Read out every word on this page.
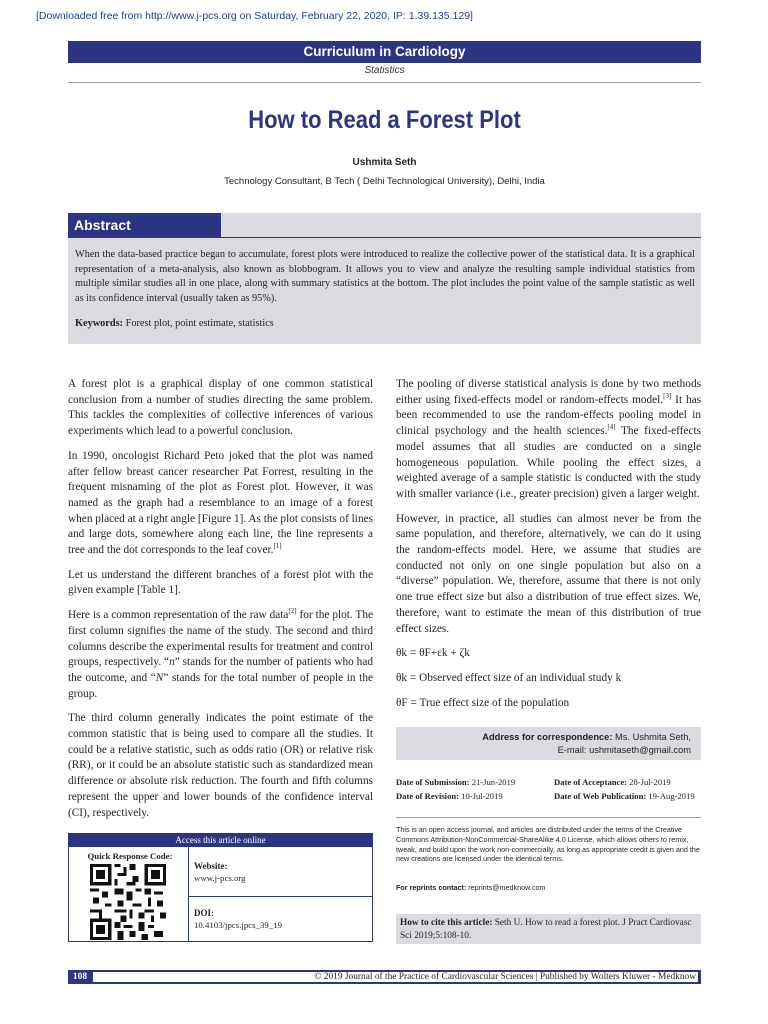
[Downloaded free from http://www.j-pcs.org on Saturday, February 22, 2020, IP: 1.39.135.129]
Curriculum in Cardiology
Statistics
How to Read a Forest Plot
Ushmita Seth
Technology Consultant, B Tech ( Delhi Technological University), Delhi, India
Abstract
When the data-based practice began to accumulate, forest plots were introduced to realize the collective power of the statistical data. It is a graphical representation of a meta-analysis, also known as blobbogram. It allows you to view and analyze the resulting sample individual statistics from multiple similar studies all in one place, along with summary statistics at the bottom. The plot includes the point value of the sample statistic as well as its confidence interval (usually taken as 95%).
Keywords: Forest plot, point estimate, statistics

A forest plot is a graphical display of one common statistical conclusion from a number of studies directing the same problem. This tackles the complexities of collective inferences of various experiments which lead to a powerful conclusion.

In 1990, oncologist Richard Peto joked that the plot was named after fellow breast cancer researcher Pat Forrest, resulting in the frequent misnaming of the plot as Forest plot. However, it was named as the graph had a resemblance to an image of a forest when placed at a right angle [Figure 1]. As the plot consists of lines and large dots, somewhere along each line, the line represents a tree and the dot corresponds to the leaf cover.[1]

Let us understand the different branches of a forest plot with the given example [Table 1].

Here is a common representation of the raw data[2] for the plot. The first column signifies the name of the study. The second and third columns describe the experimental results for treatment and control groups, respectively. “n” stands for the number of patients who had the outcome, and “N” stands for the total number of people in the group.

The third column generally indicates the point estimate of the common statistic that is being used to compare all the studies. It could be a relative statistic, such as odds ratio (OR) or relative risk (RR), or it could be an absolute statistic such as standardized mean difference or absolute risk reduction. The fourth and fifth columns represent the upper and lower bounds of the confidence interval (CI), respectively.

The pooling of diverse statistical analysis is done by two methods either using fixed-effects model or random-effects model.[3] It has been recommended to use the random-effects pooling model in clinical psychology and the health sciences.[4] The fixed-effects model assumes that all studies are conducted on a single homogeneous population. While pooling the effect sizes, a weighted average of a sample statistic is conducted with the study with smaller variance (i.e., greater precision) given a larger weight.

However, in practice, all studies can almost never be from the same population, and therefore, alternatively, we can do it using the random-effects model. Here, we assume that studies are conducted not only on one single population but also on a “diverse” population. We, therefore, assume that there is not only one true effect size but also a distribution of true effect sizes. We, therefore, want to estimate the mean of this distribution of true effect sizes.

θk = θF+εk + ζk

θk = Observed effect size of an individual study k

θF = True effect size of the population

Address for correspondence: Ms. Ushmita Seth,
E-mail: ushmitaseth@gmail.com
Date of Submission: 21-Jun-2019	Date of Acceptance: 28-Jul-2019
Date of Revision: 10-Jul-2019	Date of Web Publication: 19-Aug-2019
This is an open access journal, and articles are distributed under the terms of the Creative Commons Attribution-NonCommercial-ShareAlike 4.0 License, which allows others to remix, tweak, and build upon the work non-commercially, as long as appropriate credit is given and the new creations are licensed under the identical terms.
For reprints contact: reprints@medknow.com
How to cite this article: Seth U. How to read a forest plot. J Pract Cardiovasc Sci 2019;5:108-10.
Access this article online
Quick Response Code:
Website:
www.j-pcs.org
DOI:
10.4103/jpcs.jpcs_39_19
108	© 2019 Journal of the Practice of Cardiovascular Sciences | Published by Wolters Kluwer - Medknow
